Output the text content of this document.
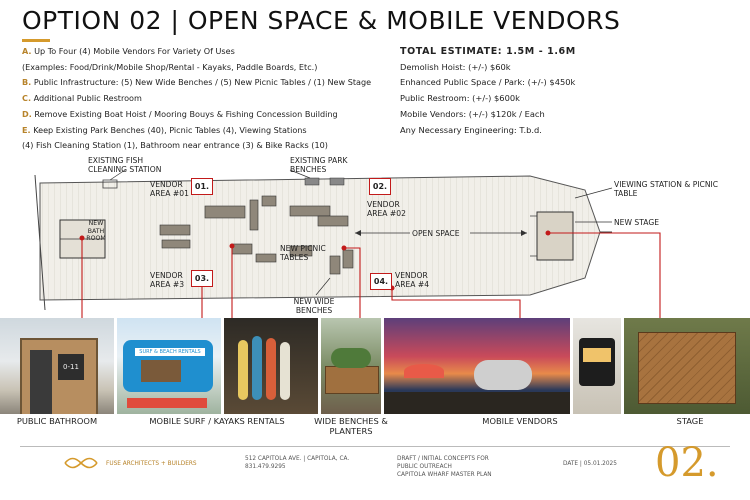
OPTION 02 | OPEN SPACE & MOBILE VENDORS
A. Up To Four (4) Mobile Vendors For Variety Of Uses
(Examples: Food/Drink/Mobile Shop/Rental - Kayaks, Paddle Boards, Etc.)
B. Public Infrastructure: (5) New Wide Benches / (5) New Picnic Tables / (1) New Stage
C. Additional Public Restroom
D. Remove Existing Boat Hoist / Mooring Bouys & Fishing Concession Building
E. Keep Existing Park Benches (40), Picnic Tables (4), Viewing Stations
(4) Fish Cleaning Station (1), Bathroom near entrance (3) & Bike Racks (10)
TOTAL ESTIMATE: 1.5M - 1.6M
Demolish Hoist: (+/-) $60k
Enhanced Public Space / Park: (+/-) $450k
Public Restroom: (+/-) $600k
Mobile Vendors: (+/-) $120k / Each
Any Necessary Engineering: T.b.d.
EXISTING FISH CLEANING STATION
EXISTING PARK BENCHES
VIEWING STATION & PICNIC TABLE
NEW STAGE
OPEN SPACE
NEW PICNIC TABLES
NEW BATH ROOM
NEW WIDE BENCHES
VENDOR AREA #01
VENDOR AREA #02
VENDOR AREA #3
VENDOR AREA #4
01.	02.
03.	04.
0-11
SURF & BEACH RENTALS
PUBLIC BATHROOM	MOBILE SURF / KAYAKS RENTALS	WIDE BENCHES & PLANTERS
MOBILE VENDORS	STAGE
FUSE ARCHITECTS + BUILDERS
512 CAPITOLA AVE. | CAPITOLA, CA.
831.479.9295
DRAFT / INITIAL CONCEPTS FOR
PUBLIC OUTREACH
CAPITOLA WHARF MASTER PLAN
DATE | 05.01.2025 02.
